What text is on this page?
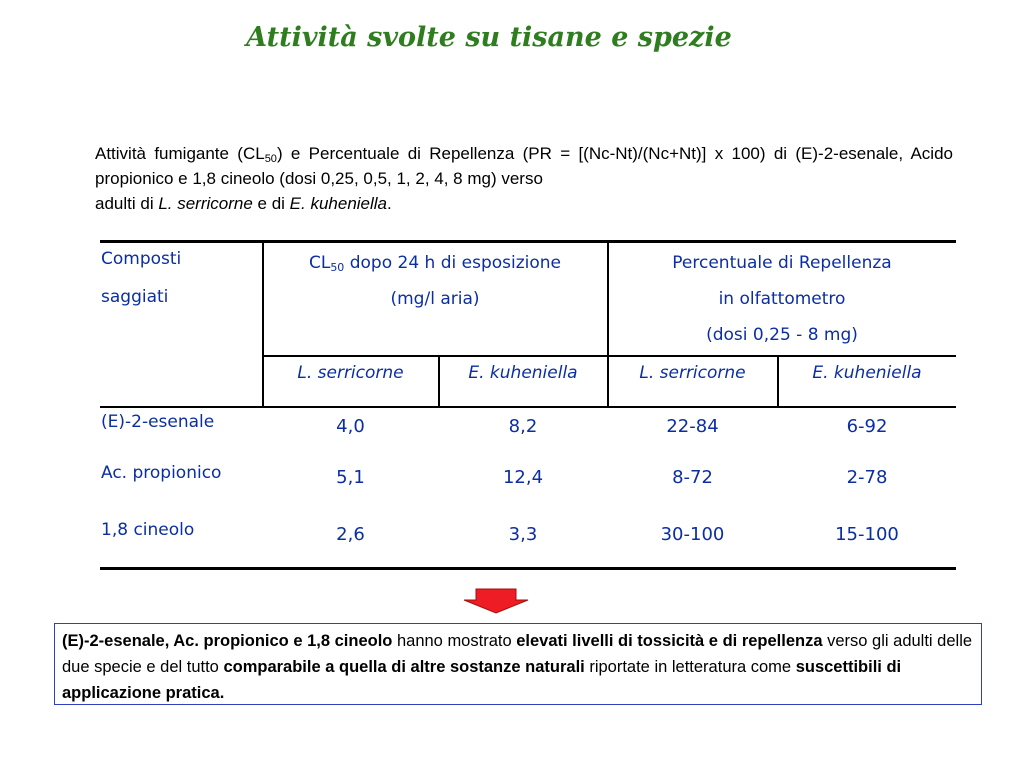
Attività svolte su tisane e spezie
Attività fumigante $(CL_{50})$ e Percentuale di Repellenza (PR = [(Nc-Nt)/(Nc+Nt)] x 100) di (E)-2-esenale, Acido propionico e 1,8 cineolo (dosi 0,25, 0,5, 1, 2, 4, 8 mg) verso
adulti di L. serricorne e di E. kuheniella.
Composti
saggiati
$CL_{50}$ dopo 24 h di esposizione
(mg/l aria)
Percentuale di Repellenza
in olfattometro
(dosi 0,25 - 8 mg)
L. serricorne	E. kuheniella	L. serricorne	E. kuheniella
(E)-2-esenale	4,0	8,2	22-84	6-92
Ac. propionico	5,1	12,4	8-72	2-78
1,8 cineolo	2,6	3,3	30-100	15-100
(E)-2-esenale, Ac. propionico e 1,8 cineolo hanno mostrato elevati livelli di tossicità e di repellenza verso gli adulti delle due specie e del tutto comparabile a quella di altre sostanze naturali riportate in letteratura come suscettibili di applicazione pratica.
